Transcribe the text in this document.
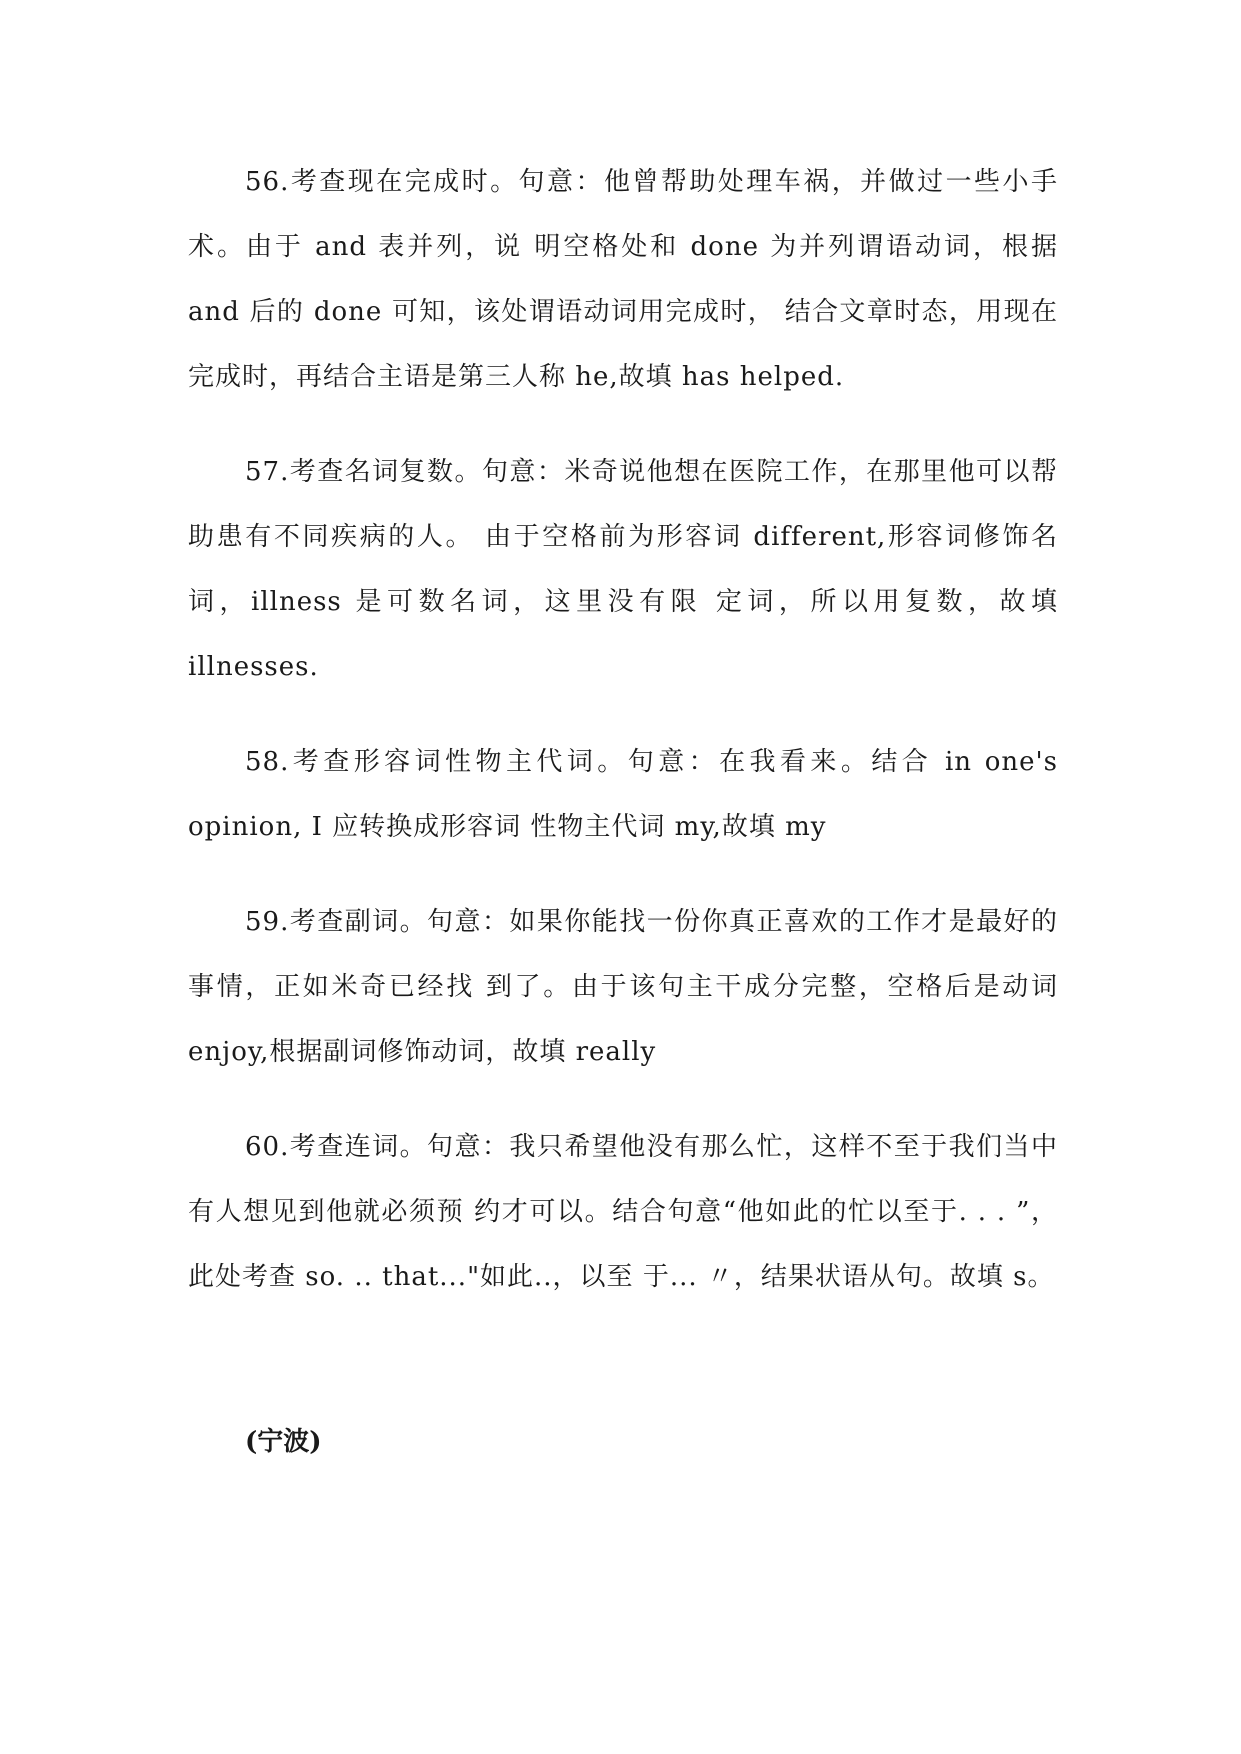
56.考查现在完成时。句意：他曾帮助处理车祸，并做过一些小手术。由于 and 表并列，说 明空格处和 done 为并列谓语动词，根据 and 后的 done 可知，该处谓语动词用完成时， 结合文章时态，用现在完成时，再结合主语是第三人称 he,故填 has helped.

57.考查名词复数。句意：米奇说他想在医院工作，在那里他可以帮助患有不同疾病的人。 由于空格前为形容词 different,形容词修饰名词，illness 是可数名词，这里没有限 定词，所以用复数，故填 illnesses.

58.考查形容词性物主代词。句意：在我看来。结合 in one's opinion, I 应转换成形容词 性物主代词 my,故填 my

59.考查副词。句意：如果你能找一份你真正喜欢的工作才是最好的事情，正如米奇已经找 到了。由于该句主干成分完整，空格后是动词 enjoy,根据副词修饰动词，故填 really

60.考查连词。句意：我只希望他没有那么忙，这样不至于我们当中有人想见到他就必须预 约才可以。结合句意“他如此的忙以至于. . . ”，此处考查 so. .. that..."如此..，以至 于... 〃，结果状语从句。故填 s。

(宁波)
